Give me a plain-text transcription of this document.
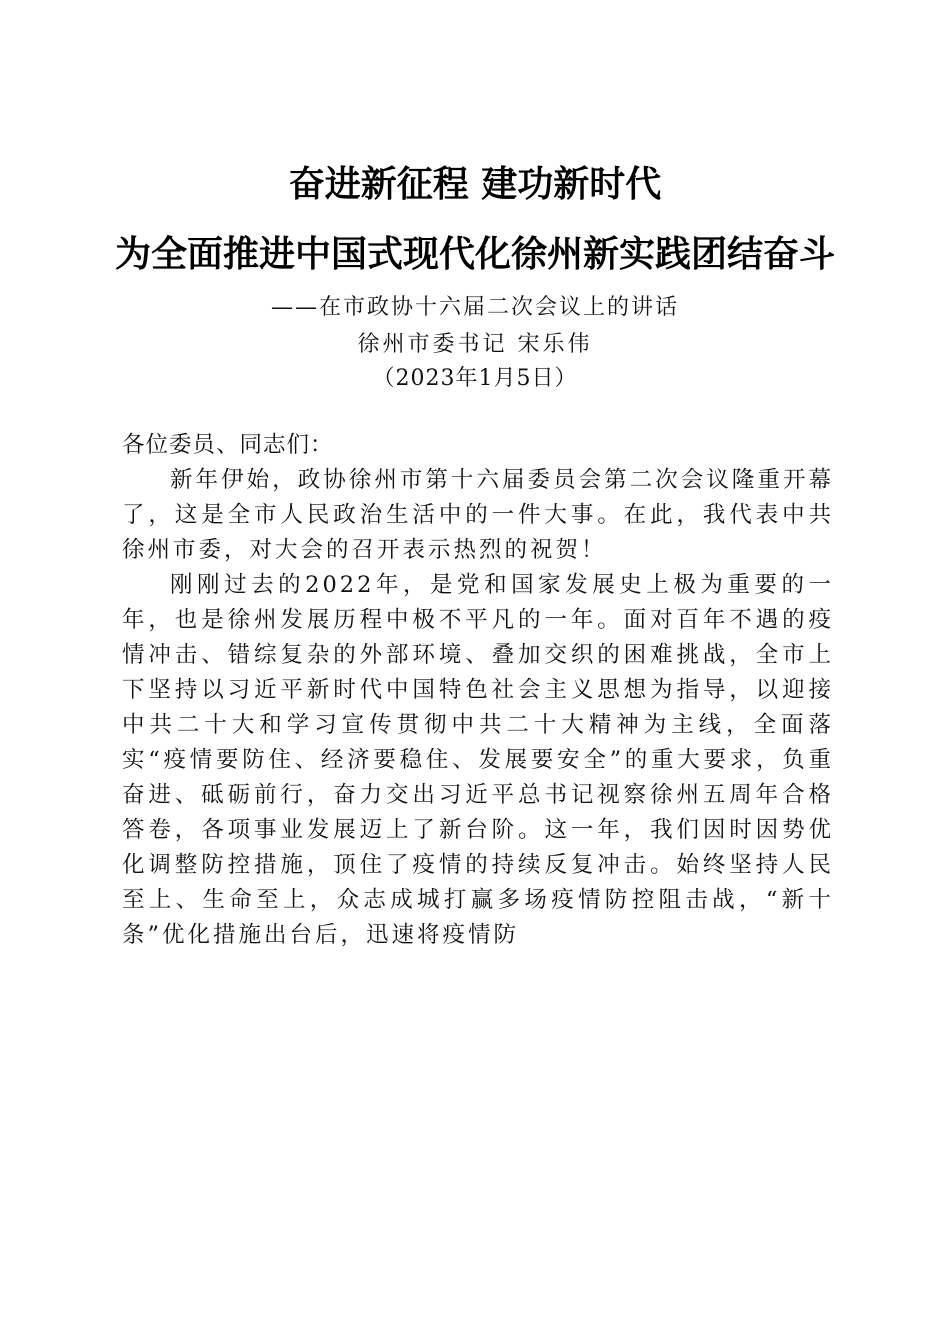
奋进新征程 建功新时代
为全面推进中国式现代化徐州新实践团结奋斗
——在市政协十六届二次会议上的讲话
徐州市委书记 宋乐伟
（2023年1月5日）

各位委员、同志们：

新年伊始，政协徐州市第十六届委员会第二次会议隆重开幕了，这是全市人民政治生活中的一件大事。在此，我代表中共徐州市委，对大会的召开表示热烈的祝贺！

刚刚过去的2022年，是党和国家发展史上极为重要的一年，也是徐州发展历程中极不平凡的一年。面对百年不遇的疫情冲击、错综复杂的外部环境、叠加交织的困难挑战，全市上下坚持以习近平新时代中国特色社会主义思想为指导，以迎接中共二十大和学习宣传贯彻中共二十大精神为主线，全面落实“疫情要防住、经济要稳住、发展要安全”的重大要求，负重奋进、砥砺前行，奋力交出习近平总书记视察徐州五周年合格答卷，各项事业发展迈上了新台阶。这一年，我们因时因势优化调整防控措施，顶住了疫情的持续反复冲击。始终坚持人民至上、生命至上，众志成城打赢多场疫情防控阻击战，“新十条”优化措施出台后，迅速将疫情防
